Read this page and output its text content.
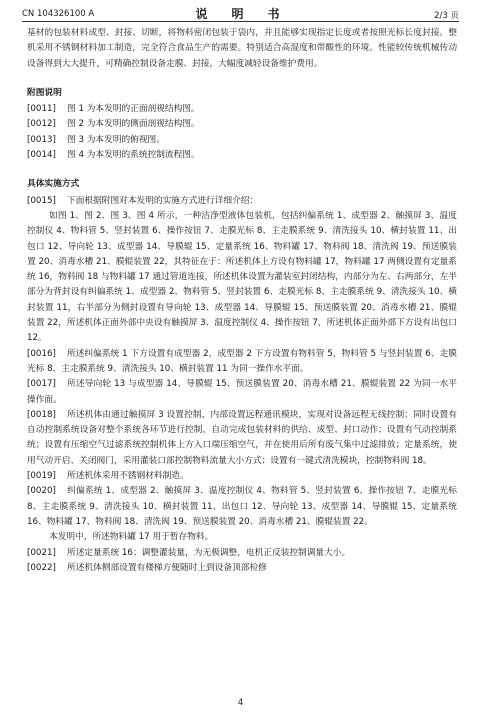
CN 104326100 A	说　明　书	2/3 页

基材的包装材料成型、封接、切断，将物料密闭包装于袋内，并且能够实现指定长度或者按照光标长度封接。整机采用不锈钢材料加工制造，完全符合食品生产的需要。特别适合高湿度和带酸性的环境。性能较传统机械传动设备得到大大提升，可精确控制设备走膜、封接，大幅度减轻设备维护费用。

附图说明
[0011]	图 1 为本发明的正面剖视结构图。
[0012]	图 2 为本发明的侧面剖视结构图。
[0013]	图 3 为本发明的俯视图。
[0014]	图 4 为本发明的系统控制流程图。
具体实施方式
[0015]	下面根据附图对本发明的实施方式进行详细介绍：

如图 1、图 2、图 3、图 4 所示，一种洁净型液体包装机，包括纠偏系统 1、成型器 2、触摸屏 3、温度控制仪 4、物料管 5、竖封装置 6、操作按钮 7、走膜光标 8、主走膜系统 9、清洗接头 10、横封装置 11、出包口 12、导向轮 13、成型器 14、导膜辊 15、定量系统 16、物料罐 17、物料阀 18、清洗阀 19、预送膜装置 20、消毒水槽 21、膜辊装置 22，其特征在于：所述机体上方设有物料罐 17，物料罐 17 两侧设置有定量系统 16，物料阀 18 与物料罐 17 通过管道连接，所述机体设置为灌装室封闭结构，内部分为左、右两部分，左半部分为背封设有纠偏系统 1、成型器 2、物料管 5、竖封装置 6、走膜光标 8、主走膜系统 9、清洗接头 10、横封装置 11，右半部分为侧封设置有导向轮 13、成型器 14、导膜辊 15、预送膜装置 20、消毒水槽 21、膜辊装置 22，所述机体正面外部中央设有触摸屏 3、温度控制仪 4、操作按钮 7，所述机体正面外部下方设有出包口 12。

[0016] 所述纠偏系统 1 下方设置有成型器 2，成型器 2 下方设置有物料管 5，物料管 5 与竖封装置 6、走膜光标 8、主走膜系统 9、清洗接头 10、横封装置 11 为同一操作水平面。

[0017] 所述导向轮 13 与成型器 14、导膜辊 15、预送膜装置 20、消毒水槽 21、膜辊装置 22 为同一水平操作面。

[0018] 所述机体由通过触摸屏 3 设置控制，内部设置远程通讯模块，实现对设备远程无线控制；同时设置有自动控制系统设备对整个系统各环节进行控制，自动完成包装材料的供给、成型、封口动作；设置有气动控制系统；设置有压缩空气过滤系统控制机体上方入口端压缩空气，并在使用后所有废气集中过滤排放；定量系统，使用气动开启、关闭阀门，采用灌装口部控制物料流量大小方式；设置有一键式清洗模块，控制物料阀 18。

[0019] 所述机体采用不锈钢材料制造。

[0020] 纠偏系统 1、成型器 2、触摸屏 3、温度控制仪 4、物料管 5、竖封装置 6、操作按钮 7、走膜光标 8、主走膜系统 9、清洗接头 10、横封装置 11、出包口 12、导向轮 13、成型器 14、导膜辊 15、定量系统 16、物料罐 17、物料阀 18、清洗阀 19、预送膜装置 20、消毒水槽 21、膜辊装置 22。

本发明中，所述物料罐 17 用于暂存物料。

[0021] 所述定量系统 16；调整灌装量，为无极调整，电机正反装控制调量大小。

[0022] 所述机体侧部设置有楼梯方便随时上到设备顶部检修

4
